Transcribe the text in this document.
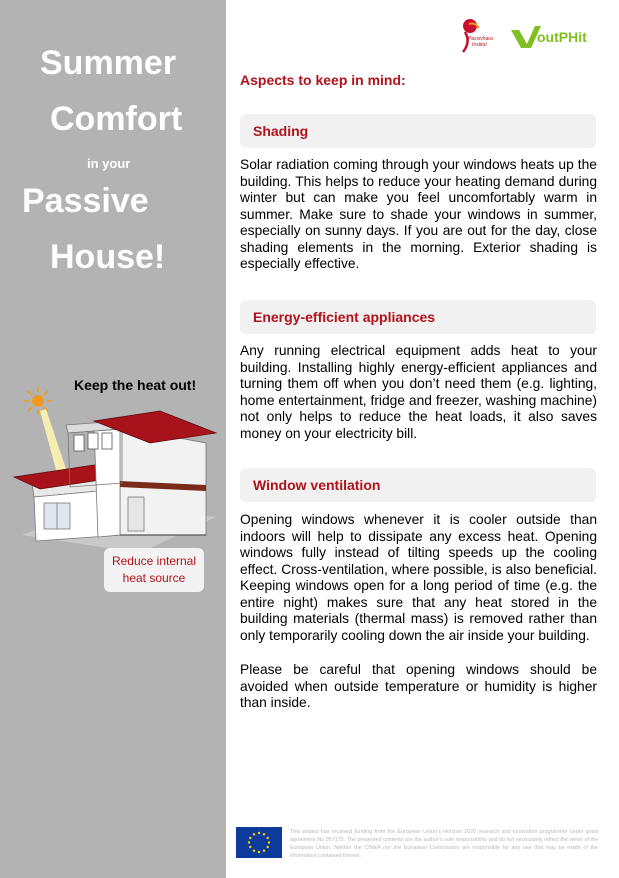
Summer
Comfort
in your
Passive
House!
Keep the heat out!
Reduce internal heat source
Passivhaus
Institut	outPHit
Aspects to keep in mind:
Shading

Solar radiation coming through your windows heats up the building. This helps to reduce your heating demand during winter but can make you feel uncomfortably warm in summer. Make sure to shade your windows in summer, especially on sunny days. If you are out for the day, close shading elements in the morning. Exterior shading is especially effective.

Energy-efficient appliances

Any running electrical equipment adds heat to your building. Installing highly energy-efficient appliances and turning them off when you don’t need them (e.g. lighting, home entertainment, fridge and freezer, washing machine) not only helps to reduce the heat loads, it also saves money on your electricity bill.

Window ventilation

Opening windows whenever it is cooler outside than indoors will help to dissipate any excess heat. Opening windows fully instead of tilting speeds up the cooling effect. Cross-ventilation, where possible, is also beneficial. Keeping windows open for a long period of time (e.g. the entire night) makes sure that any heat stored in the building materials (thermal mass) is removed rather than only temporarily cooling down the air inside your building.

Please be careful that opening windows should be avoided when outside temperature or humidity is higher than inside.

This project has received funding from the European Union’s Horizon 2020 research and innovation programme under grant agreement No 957175. The presented contents are the author’s sole responsibility and do not necessarily reflect the views of the European Union. Neither the CINEA nor the European Commission are responsible for any use that may be made of the information contained therein.
